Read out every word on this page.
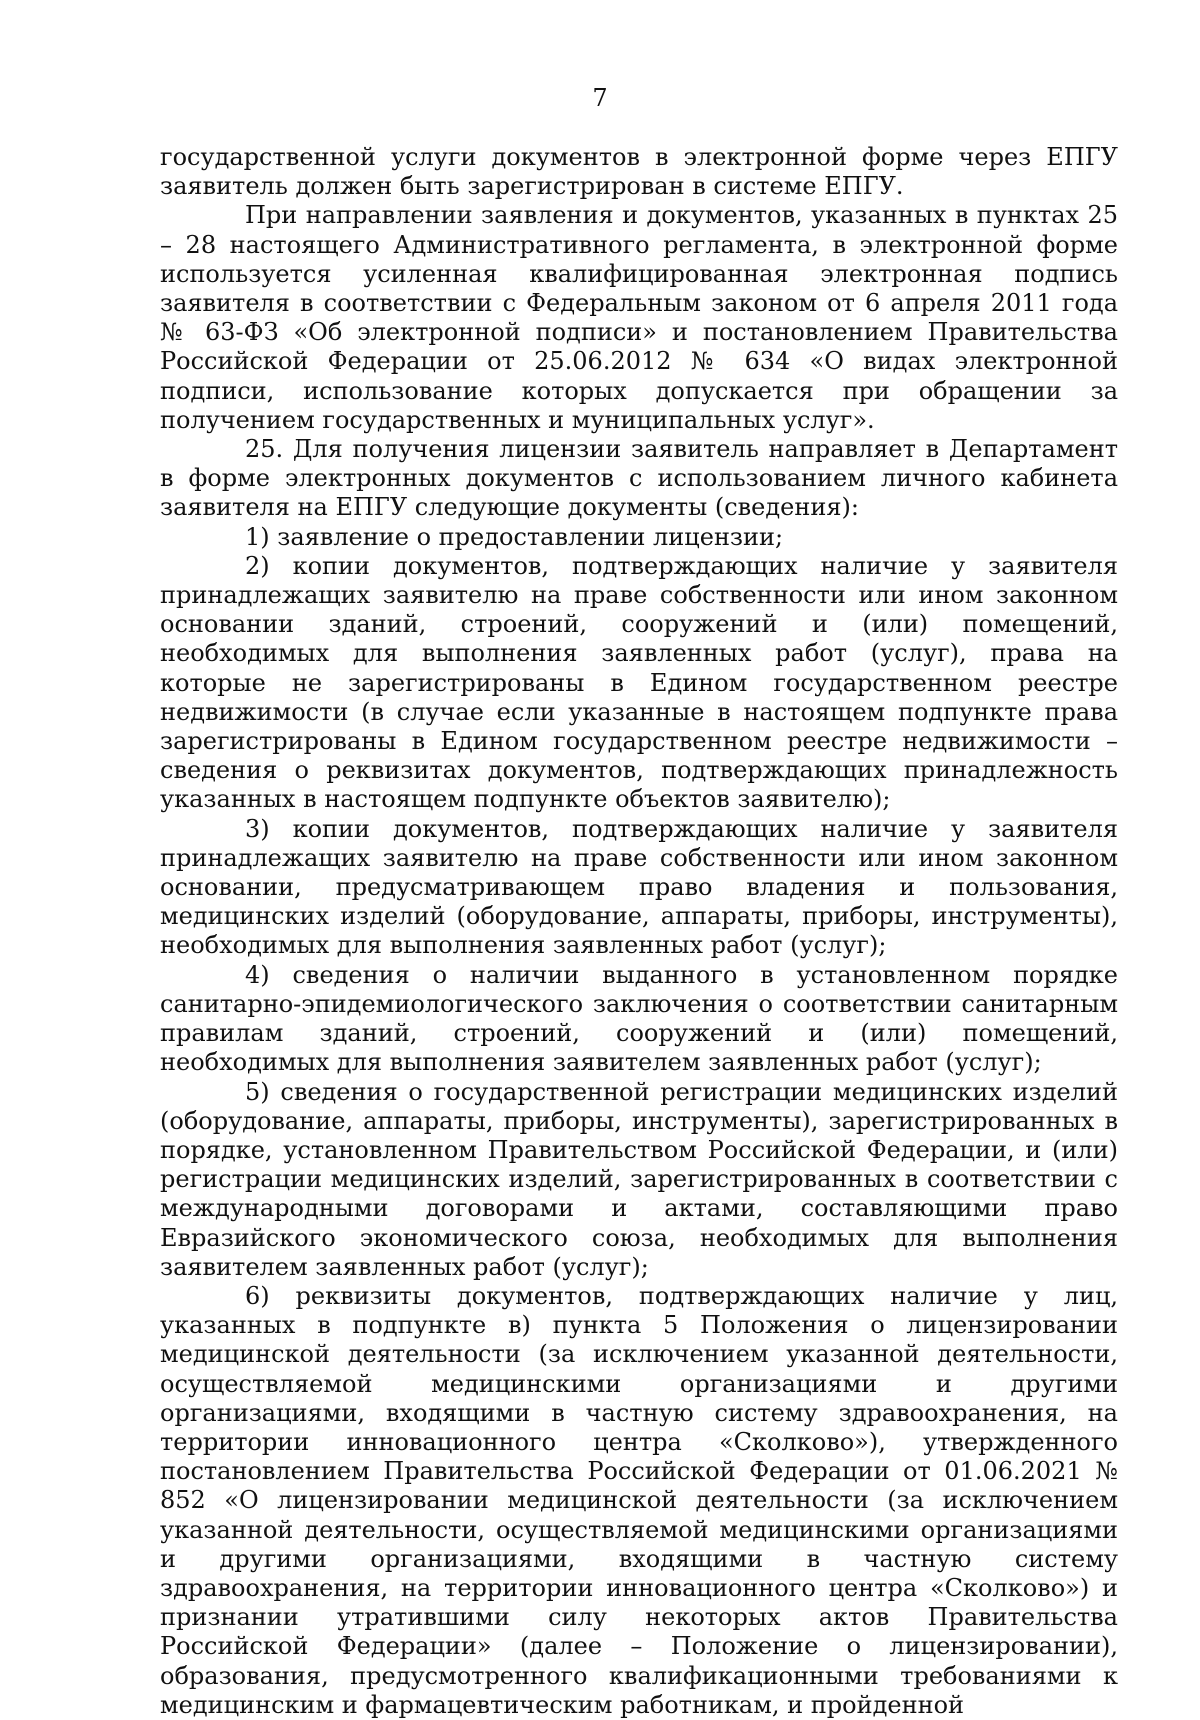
7

государственной услуги документов в электронной форме через ЕПГУ заявитель должен быть зарегистрирован в системе ЕПГУ.

При направлении заявления и документов, указанных в пунктах 25 – 28 настоящего Административного регламента, в электронной форме используется усиленная квалифицированная электронная подпись заявителя в соответствии с Федеральным законом от 6 апреля 2011 года № 63-ФЗ «Об электронной подписи» и постановлением Правительства Российской Федерации от 25.06.2012 № 634 «О видах электронной подписи, использование которых допускается при обращении за получением государственных и муниципальных услуг».

25. Для получения лицензии заявитель направляет в Департамент в форме электронных документов с использованием личного кабинета заявителя на ЕПГУ следующие документы (сведения):

1) заявление о предоставлении лицензии;

2) копии документов, подтверждающих наличие у заявителя принадлежащих заявителю на праве собственности или ином законном основании зданий, строений, сооружений и (или) помещений, необходимых для выполнения заявленных работ (услуг), права на которые не зарегистрированы в Едином государственном реестре недвижимости (в случае если указанные в настоящем подпункте права зарегистрированы в Едином государственном реестре недвижимости – сведения о реквизитах документов, подтверждающих принадлежность указанных в настоящем подпункте объектов заявителю);

3) копии документов, подтверждающих наличие у заявителя принадлежащих заявителю на праве собственности или ином законном основании, предусматривающем право владения и пользования, медицинских изделий (оборудование, аппараты, приборы, инструменты), необходимых для выполнения заявленных работ (услуг);

4) сведения о наличии выданного в установленном порядке санитарно-эпидемиологического заключения о соответствии санитарным правилам зданий, строений, сооружений и (или) помещений, необходимых для выполнения заявителем заявленных работ (услуг);

5) сведения о государственной регистрации медицинских изделий (оборудование, аппараты, приборы, инструменты), зарегистрированных в порядке, установленном Правительством Российской Федерации, и (или) регистрации медицинских изделий, зарегистрированных в соответствии с международными договорами и актами, составляющими право Евразийского экономического союза, необходимых для выполнения заявителем заявленных работ (услуг);

6) реквизиты документов, подтверждающих наличие у лиц, указанных в подпункте в) пункта 5 Положения о лицензировании медицинской деятельности (за исключением указанной деятельности, осуществляемой медицинскими организациями и другими организациями, входящими в частную систему здравоохранения, на территории инновационного центра «Сколково»), утвержденного постановлением Правительства Российской Федерации от 01.06.2021 № 852 «О лицензировании медицинской деятельности (за исключением указанной деятельности, осуществляемой медицинскими организациями и другими организациями, входящими в частную систему здравоохранения, на территории инновационного центра «Сколково») и признании утратившими силу некоторых актов Правительства Российской Федерации» (далее – Положение о лицензировании), образования, предусмотренного квалификационными требованиями к медицинским и фармацевтическим работникам, и пройденной
